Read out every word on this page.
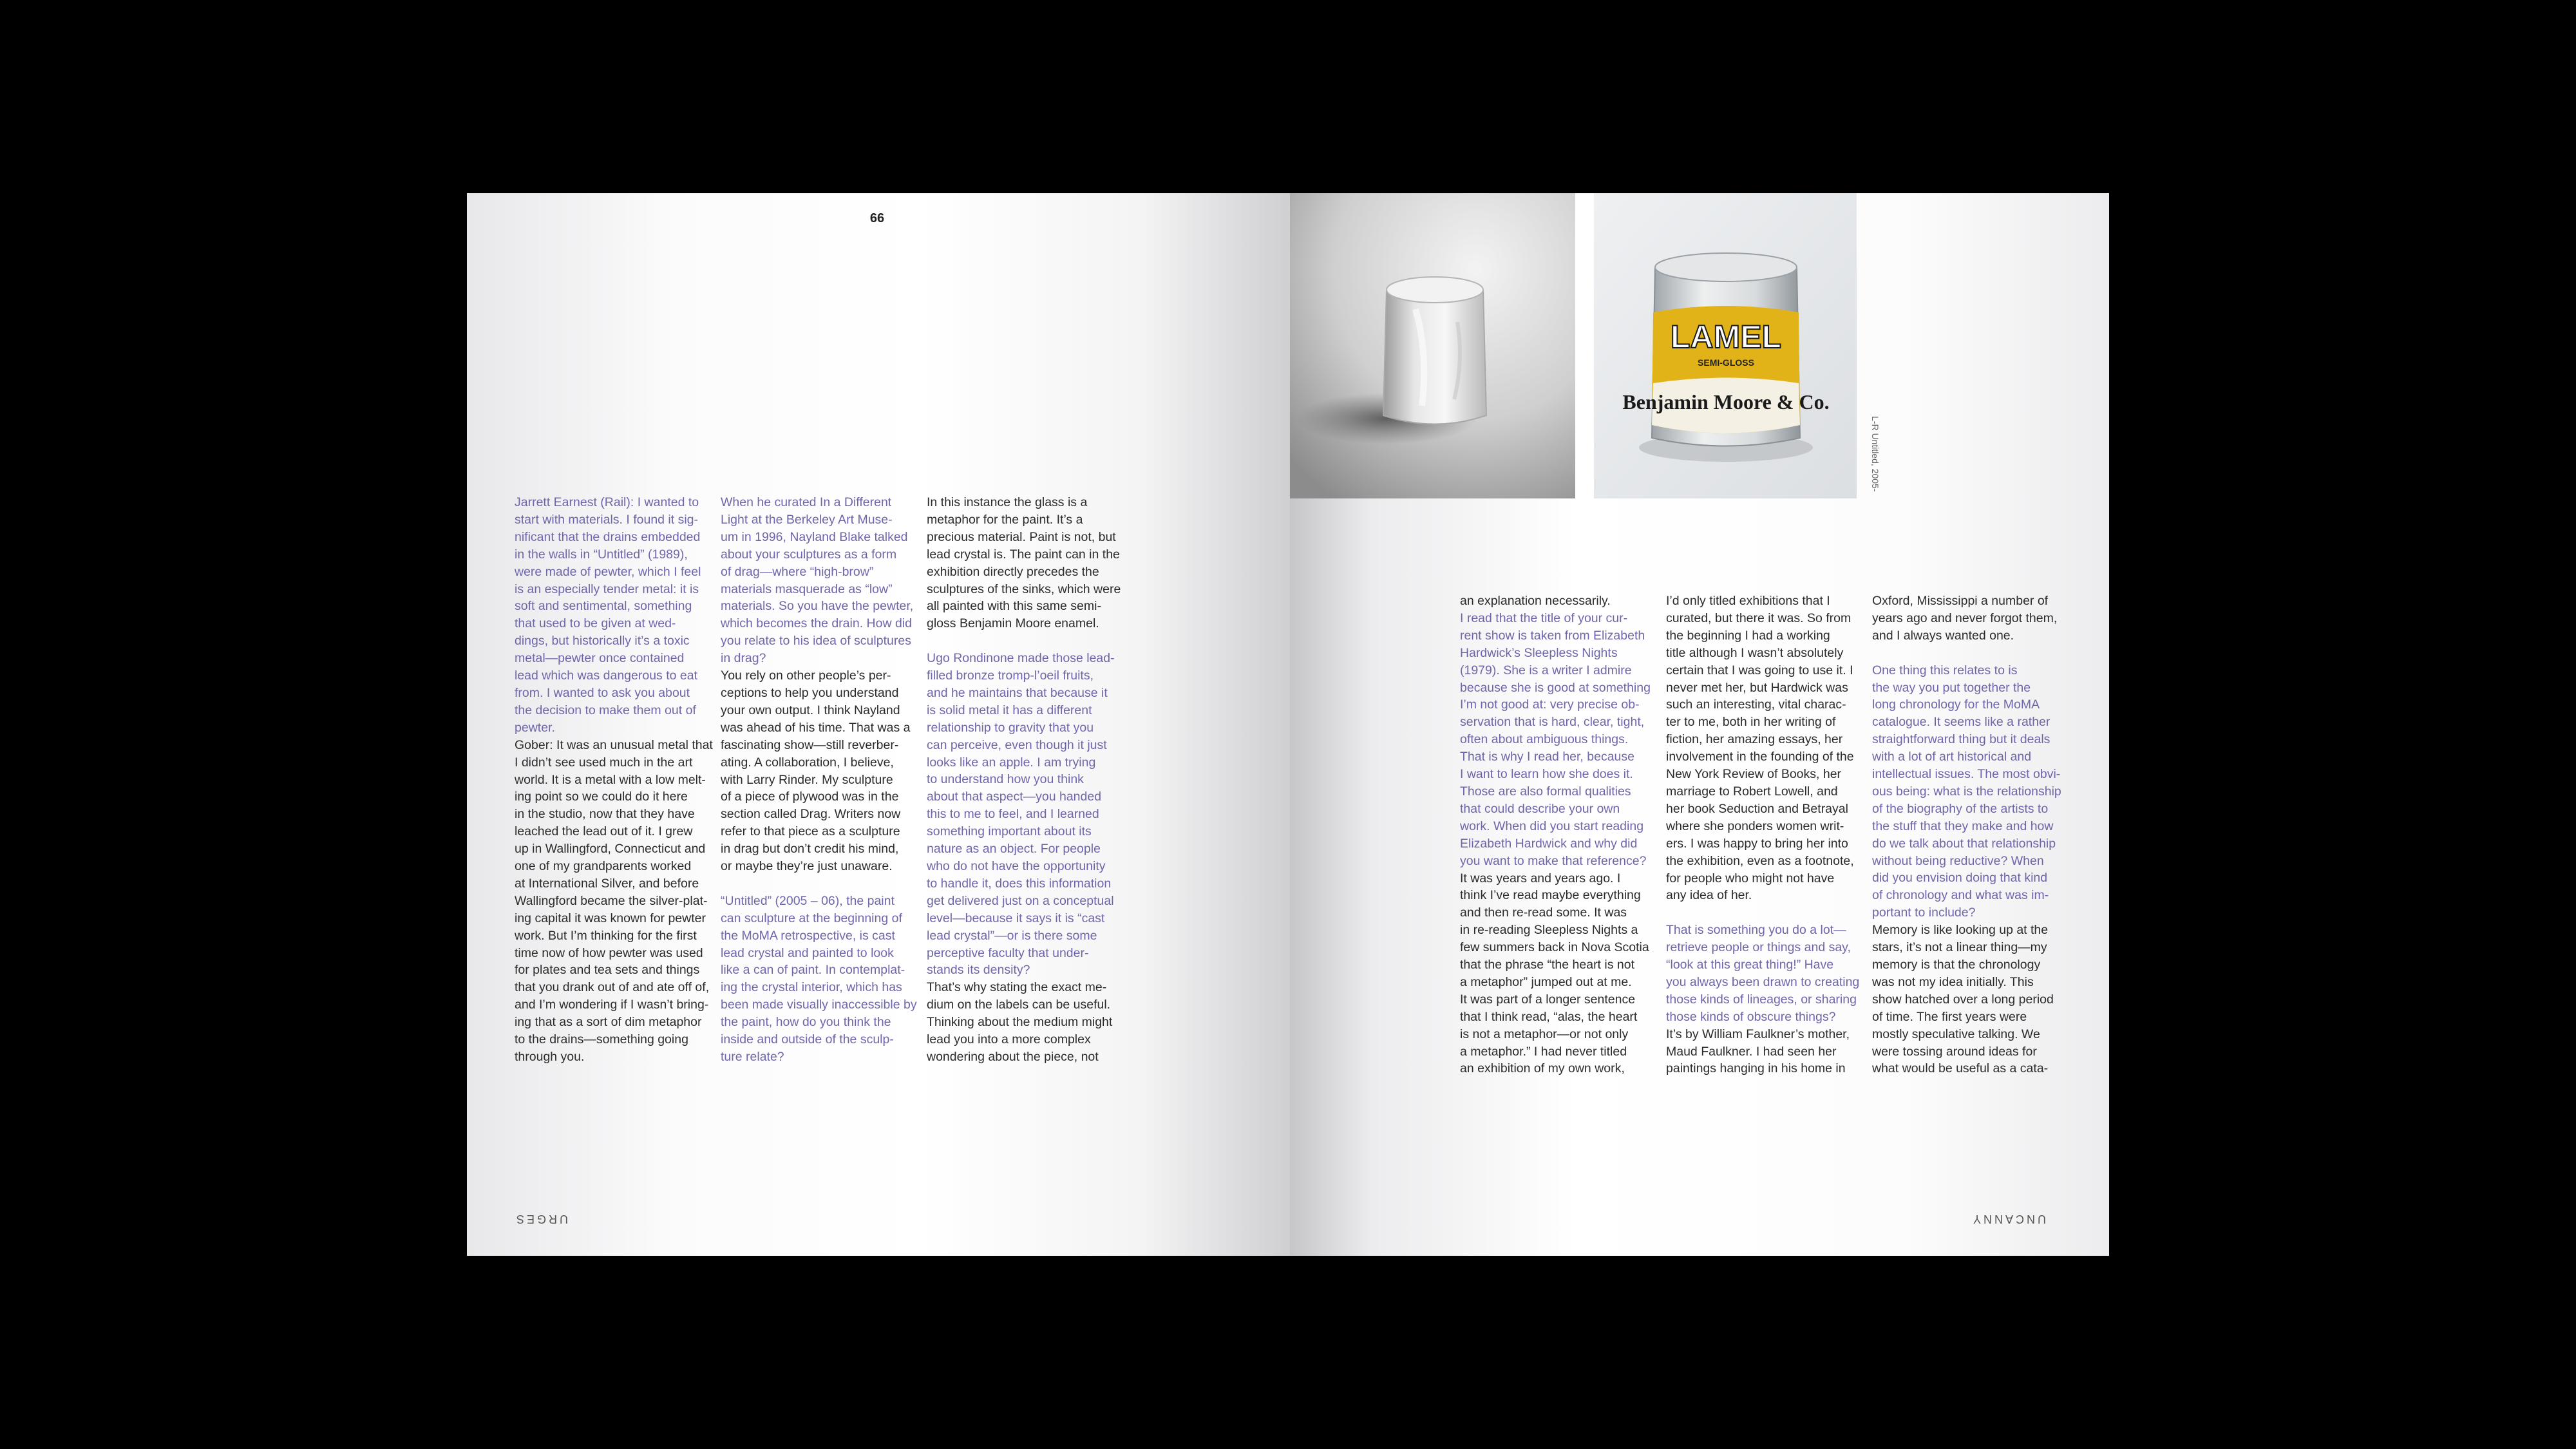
66

Jarrett Earnest (Rail): I wanted to
start with materials. I found it sig-
nificant that the drains embedded
in the walls in “Untitled” (1989),
were made of pewter, which I feel
is an especially tender metal: it is
soft and sentimental, something
that used to be given at wed-
dings, but historically it’s a toxic
metal—pewter once contained
lead which was dangerous to eat
from. I wanted to ask you about
the decision to make them out of
pewter.

Gober: It was an unusual metal that
I didn’t see used much in the art
world. It is a metal with a low melt-
ing point so we could do it here
in the studio, now that they have
leached the lead out of it. I grew
up in Wallingford, Connecticut and
one of my grandparents worked
at International Silver, and before
Wallingford became the silver-plat-
ing capital it was known for pewter
work. But I’m thinking for the first
time now of how pewter was used
for plates and tea sets and things
that you drank out of and ate off of,
and I’m wondering if I wasn’t bring-
ing that as a sort of dim metaphor
to the drains—something going
through you.

When he curated In a Different
Light at the Berkeley Art Muse-
um in 1996, Nayland Blake talked
about your sculptures as a form
of drag—where “high-brow”
materials masquerade as “low”
materials. So you have the pewter,
which becomes the drain. How did
you relate to his idea of sculptures
in drag?

You rely on other people’s per-
ceptions to help you understand
your own output. I think Nayland
was ahead of his time. That was a
fascinating show—still reverber-
ating. A collaboration, I believe,
with Larry Rinder. My sculpture
of a piece of plywood was in the
section called Drag. Writers now
refer to that piece as a sculpture
in drag but don’t credit his mind,
or maybe they’re just unaware.

“Untitled” (2005 – 06), the paint
can sculpture at the beginning of
the MoMA retrospective, is cast
lead crystal and painted to look
like a can of paint. In contemplat-
ing the crystal interior, which has
been made visually inaccessible by
the paint, how do you think the
inside and outside of the sculp-
ture relate?

In this instance the glass is a
metaphor for the paint. It’s a
precious material. Paint is not, but
lead crystal is. The paint can in the
exhibition directly precedes the
sculptures of the sinks, which were
all painted with this same semi-
gloss Benjamin Moore enamel.

Ugo Rondinone made those lead-
filled bronze tromp-l’oeil fruits,
and he maintains that because it
is solid metal it has a different
relationship to gravity that you
can perceive, even though it just
looks like an apple. I am trying
to understand how you think
about that aspect—you handed
this to me to feel, and I learned
something important about its
nature as an object. For people
who do not have the opportunity
to handle it, does this information
get delivered just on a conceptual
level—because it says it is “cast
lead crystal”—or is there some
perceptive faculty that under-
stands its density?

That’s why stating the exact me-
dium on the labels can be useful.
Thinking about the medium might
lead you into a more complex
wondering about the piece, not

URGES
LAMEL
SEMI-GLOSS
Benjamin Moore & Co.
L-R Untitled, 2005-

an explanation necessarily.

I read that the title of your cur-
rent show is taken from Elizabeth
Hardwick’s Sleepless Nights
(1979). She is a writer I admire
because she is good at something
I’m not good at: very precise ob-
servation that is hard, clear, tight,
often about ambiguous things.
That is why I read her, because
I want to learn how she does it.
Those are also formal qualities
that could describe your own
work. When did you start reading
Elizabeth Hardwick and why did
you want to make that reference?

It was years and years ago. I
think I’ve read maybe everything
and then re-read some. It was
in re-reading Sleepless Nights a
few summers back in Nova Scotia
that the phrase “the heart is not
a metaphor” jumped out at me.
It was part of a longer sentence
that I think read, “alas, the heart
is not a metaphor—or not only
a metaphor.” I had never titled
an exhibition of my own work,

I’d only titled exhibitions that I
curated, but there it was. So from
the beginning I had a working
title although I wasn’t absolutely
certain that I was going to use it. I
never met her, but Hardwick was
such an interesting, vital charac-
ter to me, both in her writing of
fiction, her amazing essays, her
involvement in the founding of the
New York Review of Books, her
marriage to Robert Lowell, and
her book Seduction and Betrayal
where she ponders women writ-
ers. I was happy to bring her into
the exhibition, even as a footnote,
for people who might not have
any idea of her.

That is something you do a lot—
retrieve people or things and say,
“look at this great thing!” Have
you always been drawn to creating
those kinds of lineages, or sharing
those kinds of obscure things?

It’s by William Faulkner’s mother,
Maud Faulkner. I had seen her
paintings hanging in his home in

Oxford, Mississippi a number of
years ago and never forgot them,
and I always wanted one.

One thing this relates to is
the way you put together the
long chronology for the MoMA
catalogue. It seems like a rather
straightforward thing but it deals
with a lot of art historical and
intellectual issues. The most obvi-
ous being: what is the relationship
of the biography of the artists to
the stuff that they make and how
do we talk about that relationship
without being reductive? When
did you envision doing that kind
of chronology and what was im-
portant to include?

Memory is like looking up at the
stars, it’s not a linear thing—my
memory is that the chronology
was not my idea initially. This
show hatched over a long period
of time. The first years were
mostly speculative talking. We
were tossing around ideas for
what would be useful as a cata-

UNCANNY
